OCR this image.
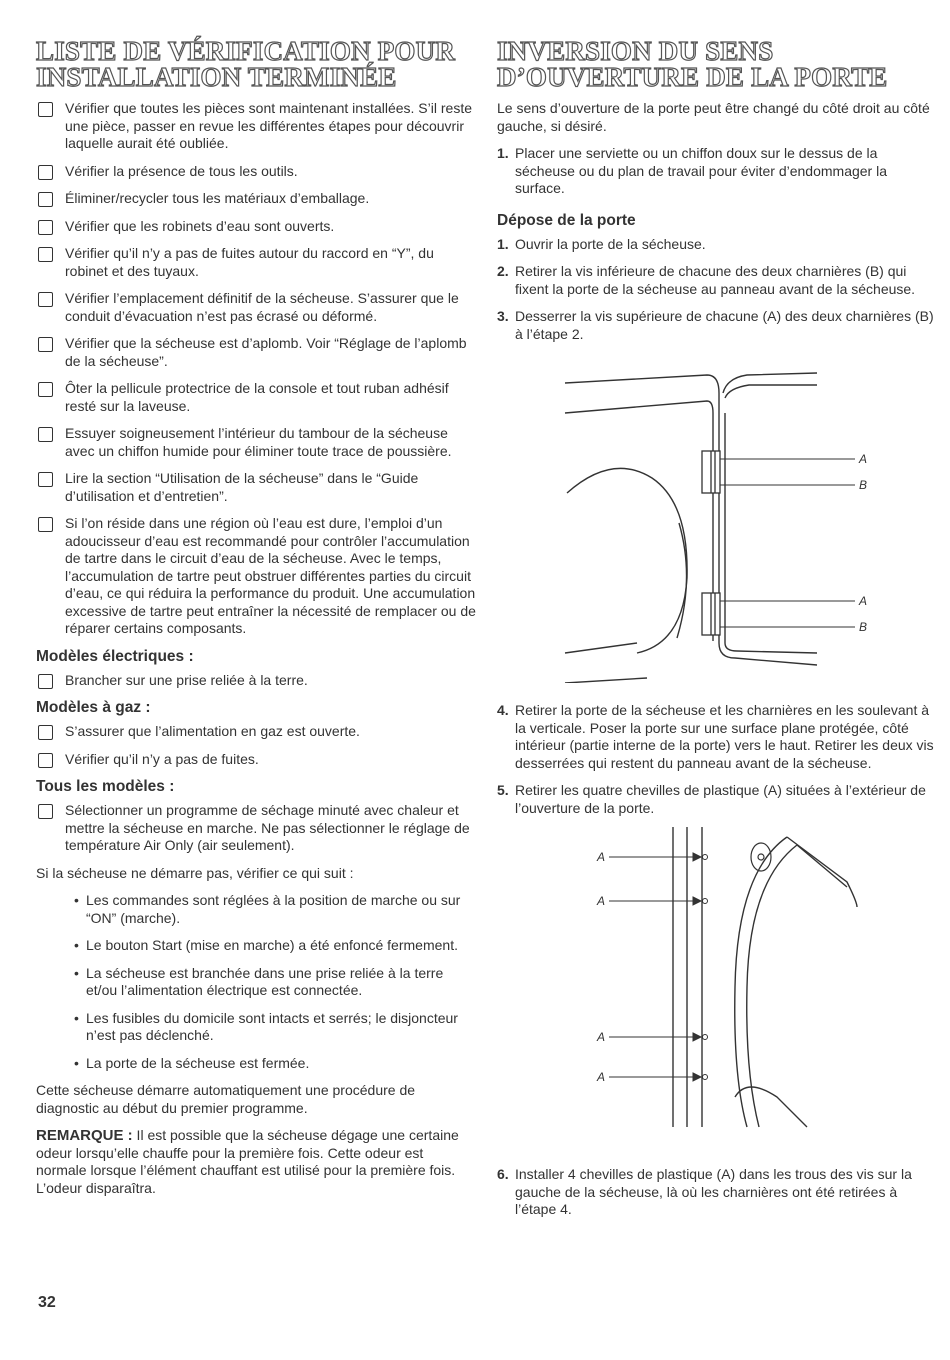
LISTE DE VÉRIFICATION POUR
INSTALLATION TERMINÉE
Vérifier que toutes les pièces sont maintenant installées. S’il reste une pièce, passer en revue les différentes étapes pour découvrir laquelle aurait été oubliée.
Vérifier la présence de tous les outils.
Éliminer/recycler tous les matériaux d’emballage.
Vérifier que les robinets d’eau sont ouverts.
Vérifier qu’il n’y a pas de fuites autour du raccord en “Y”, du robinet et des tuyaux.
Vérifier l’emplacement définitif de la sécheuse. S’assurer que le conduit d’évacuation n’est pas écrasé ou déformé.
Vérifier que la sécheuse est d’aplomb. Voir “Réglage de l’aplomb de la sécheuse”.
Ôter la pellicule protectrice de la console et tout ruban adhésif resté sur la laveuse.
Essuyer soigneusement l’intérieur du tambour de la sécheuse avec un chiffon humide pour éliminer toute trace de poussière.
Lire la section “Utilisation de la sécheuse” dans le “Guide d’utilisation et d’entretien”.
Si l’on réside dans une région où l’eau est dure, l’emploi d’un adoucisseur d’eau est recommandé pour contrôler l’accumulation de tartre dans le circuit d’eau de la sécheuse. Avec le temps, l’accumulation de tartre peut obstruer différentes parties du circuit d’eau, ce qui réduira la performance du produit. Une accumulation excessive de tartre peut entraîner la nécessité de remplacer ou de réparer certains composants.
Modèles électriques :
Brancher sur une prise reliée à la terre.
Modèles à gaz :
S’assurer que l’alimentation en gaz est ouverte.
Vérifier qu’il n’y a pas de fuites.
Tous les modèles :
Sélectionner un programme de séchage minuté avec chaleur et mettre la sécheuse en marche. Ne pas sélectionner le réglage de température Air Only (air seulement).

Si la sécheuse ne démarre pas, vérifier ce qui suit :

• Les commandes sont réglées à la position de marche ou sur “ON” (marche).
• Le bouton Start (mise en marche) a été enfoncé fermement.
• La sécheuse est branchée dans une prise reliée à la terre et/ou l’alimentation électrique est connectée.
• Les fusibles du domicile sont intacts et serrés; le disjoncteur n’est pas déclenché.
• La porte de la sécheuse est fermée.

Cette sécheuse démarre automatiquement une procédure de diagnostic au début du premier programme.

REMARQUE : Il est possible que la sécheuse dégage une certaine odeur lorsqu’elle chauffe pour la première fois. Cette odeur est normale lorsque l’élément chauffant est utilisé pour la première fois. L’odeur disparaîtra.

INVERSION DU SENS
D’OUVERTURE DE LA PORTE

Le sens d’ouverture de la porte peut être changé du côté droit au côté gauche, si désiré.

1. Placer une serviette ou un chiffon doux sur le dessus de la sécheuse ou du plan de travail pour éviter d’endommager la surface.
Dépose de la porte
1. Ouvrir la porte de la sécheuse.
2. Retirer la vis inférieure de chacune des deux charnières (B) qui fixent la porte de la sécheuse au panneau avant de la sécheuse.
3. Desserrer la vis supérieure de chacune (A) des deux charnières (B) à l’étape 2.
A
B
A
B
4. Retirer la porte de la sécheuse et les charnières en les soulevant à la verticale. Poser la porte sur une surface plane protégée, côté intérieur (partie interne de la porte) vers le haut. Retirer les deux vis desserrées qui restent du panneau avant de la sécheuse.
5. Retirer les quatre chevilles de plastique (A) situées à l’extérieur de l’ouverture de la porte.
A
A
A
A
6. Installer 4 chevilles de plastique (A) dans les trous des vis sur la gauche de la sécheuse, là où les charnières ont été retirées à l’étape 4.
32
